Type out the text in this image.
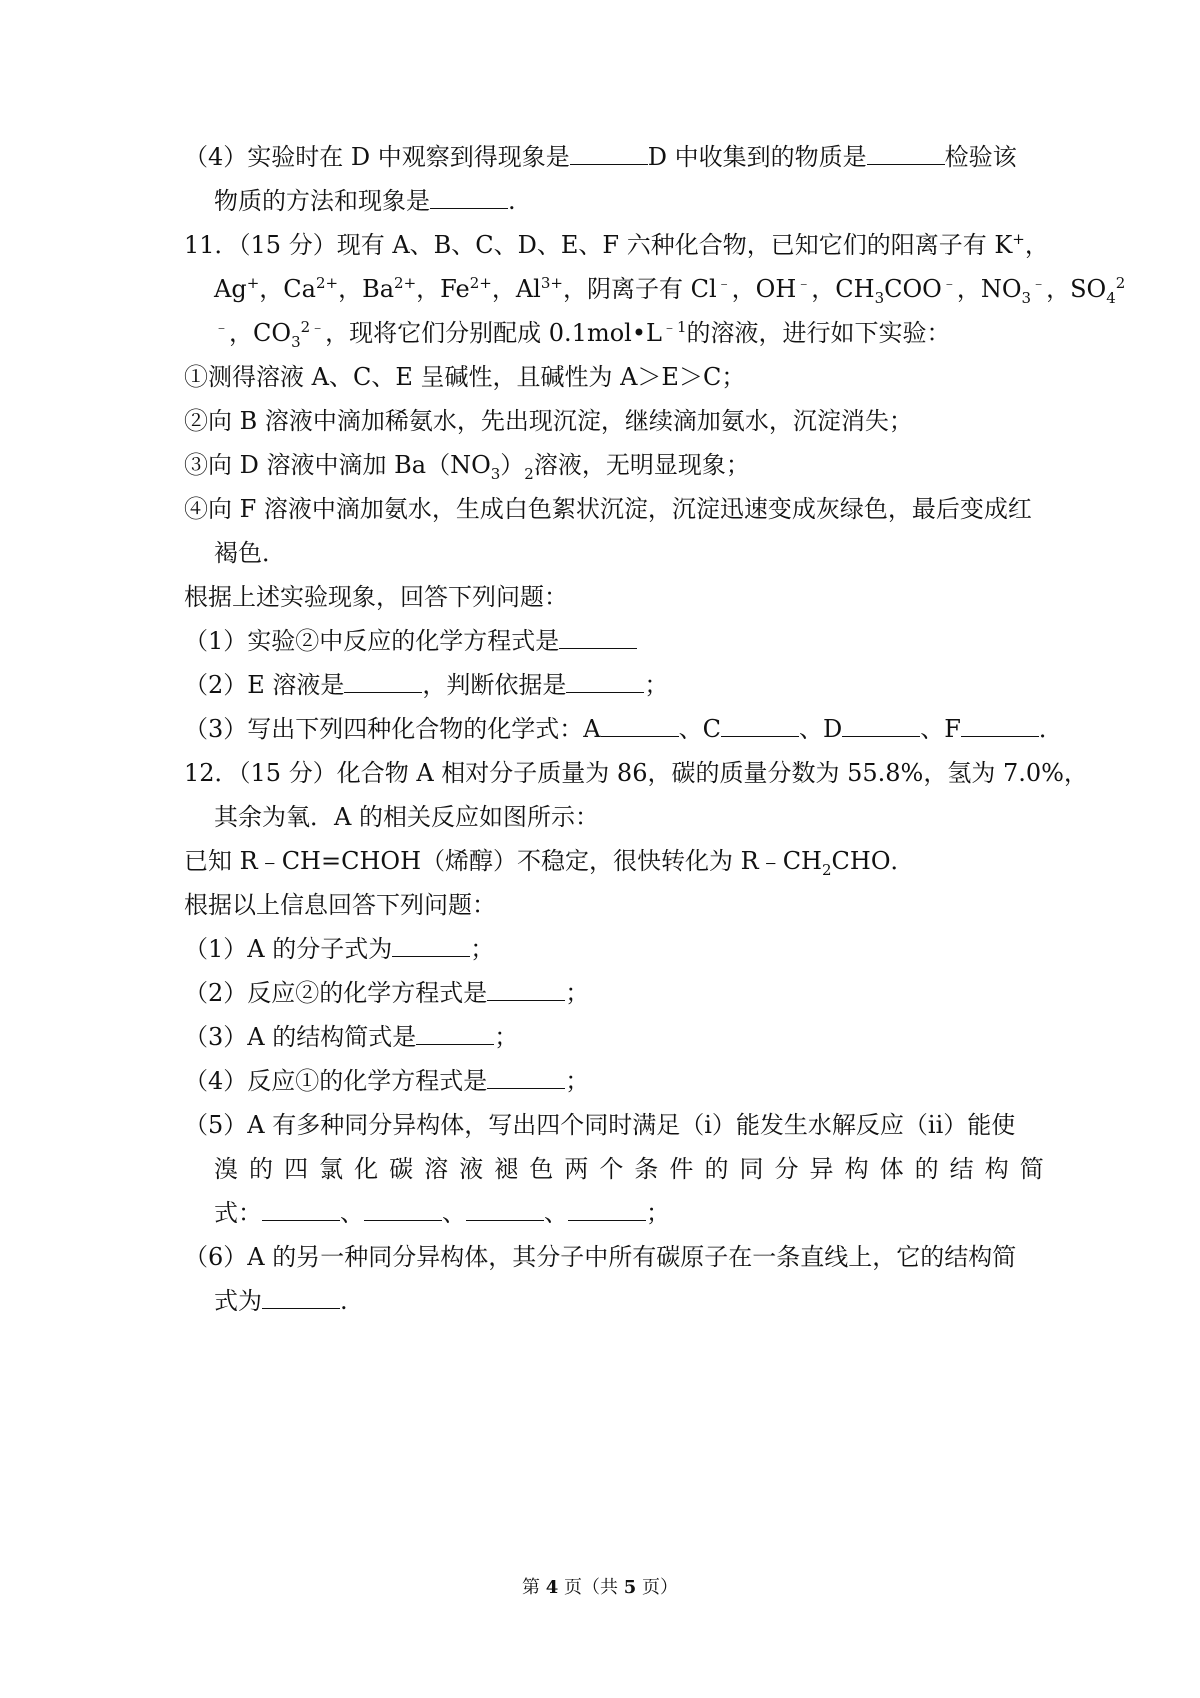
（4）实验时在 D 中观察到得现象是	D 中收集到的物质是	检验该
物质的方法和现象是	.
11．（15 分）现有 A、B、C、D、E、F 六种化合物，已知它们的阳离子有 K+，
Ag+，$Ca^{2+}$，$Ba^{2+}$，$Fe^{2+}$，$Al^{3+}$，阴离子有 Cl﹣，OH﹣，$CH_3COO^﹣$，$NO_3^﹣$，$SO_4^2$
﹣，$CO_3^{2﹣}$，现将它们分别配成 $0.1mol•L^{﹣1}$的溶液，进行如下实验：
①测得溶液 A、C、E 呈碱性，且碱性为 A＞E＞C；
②向 B 溶液中滴加稀氨水，先出现沉淀，继续滴加氨水，沉淀消失；
③向 D 溶液中滴加 $Ba(NO_3)_2$溶液，无明显现象；
④向 F 溶液中滴加氨水，生成白色絮状沉淀，沉淀迅速变成灰绿色，最后变成红
褐色．
根据上述实验现象，回答下列问题：
（1）实验②中反应的化学方程式是
（2）E 溶液是	，判断依据是	；
（3）写出下列四种化合物的化学式：A	、C	、D	、F	．
12．（15 分）化合物 A 相对分子质量为 86，碳的质量分数为 55.8%，氢为 7.0%，
其余为氧．A 的相关反应如图所示：
已知 R﹣CH=CHOH（烯醇）不稳定，很快转化为 $R﹣CH_2CHO$．
根据以上信息回答下列问题：
（1）A 的分子式为	；
（2）反应②的化学方程式是	；
（3）A 的结构简式是	；
（4）反应①的化学方程式是	；
（5）A 有多种同分异构体，写出四个同时满足（i）能发生水解反应（ii）能使
溴 的 四 氯 化 碳 溶 液 褪 色 两 个 条 件 的 同 分 异 构 体 的 结 构 简
式：	、	、	、	；
（6）A 的另一种同分异构体，其分子中所有碳原子在一条直线上，它的结构简
式为	.
第 4 页（共 5 页）
